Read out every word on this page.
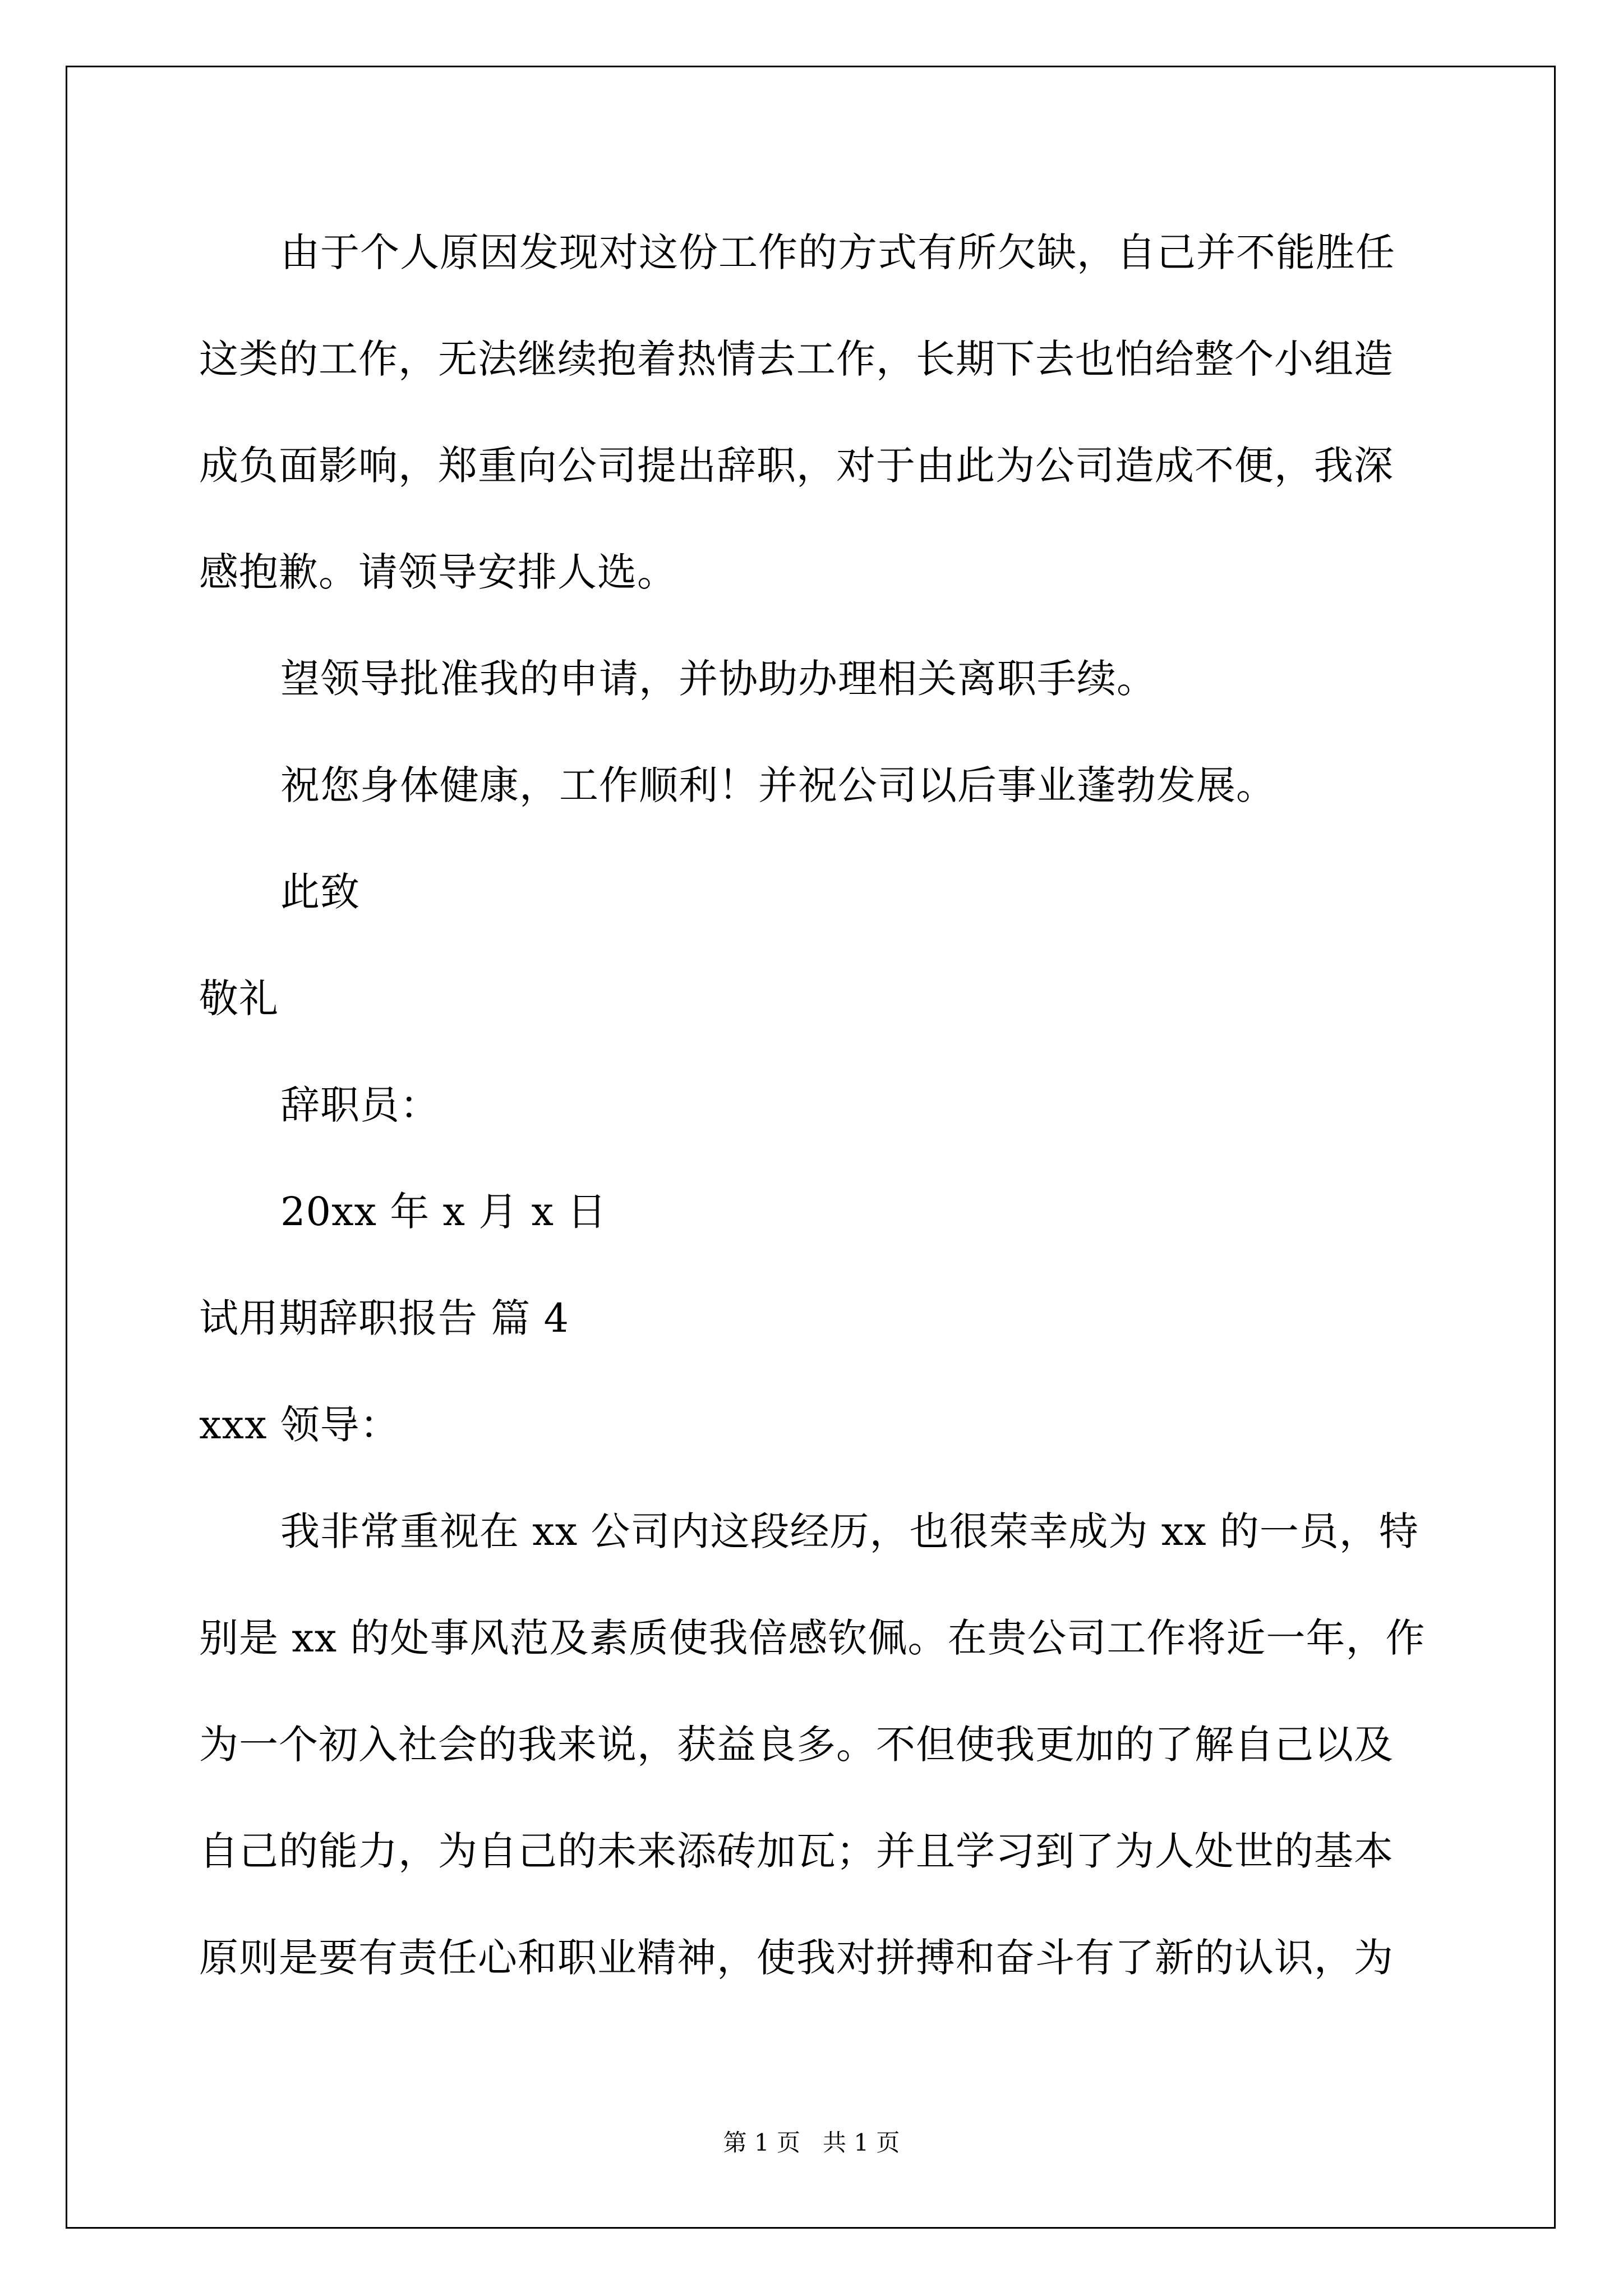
由于个人原因发现对这份工作的方式有所欠缺，自己并不能胜任
这类的工作，无法继续抱着热情去工作，长期下去也怕给整个小组造
成负面影响，郑重向公司提出辞职，对于由此为公司造成不便，我深
感抱歉。请领导安排人选。
望领导批准我的申请，并协助办理相关离职手续。
祝您身体健康，工作顺利！并祝公司以后事业蓬勃发展。
此致
敬礼
辞职员：
20xx 年 x 月 x 日
试用期辞职报告 篇 4
xxx 领导：
我非常重视在 xx 公司内这段经历，也很荣幸成为 xx 的一员，特
别是 xx 的处事风范及素质使我倍感钦佩。在贵公司工作将近一年，作
为一个初入社会的我来说，获益良多。不但使我更加的了解自己以及
自己的能力，为自己的未来添砖加瓦；并且学习到了为人处世的基本
原则是要有责任心和职业精神，使我对拼搏和奋斗有了新的认识，为
第 1 页 共 1 页
